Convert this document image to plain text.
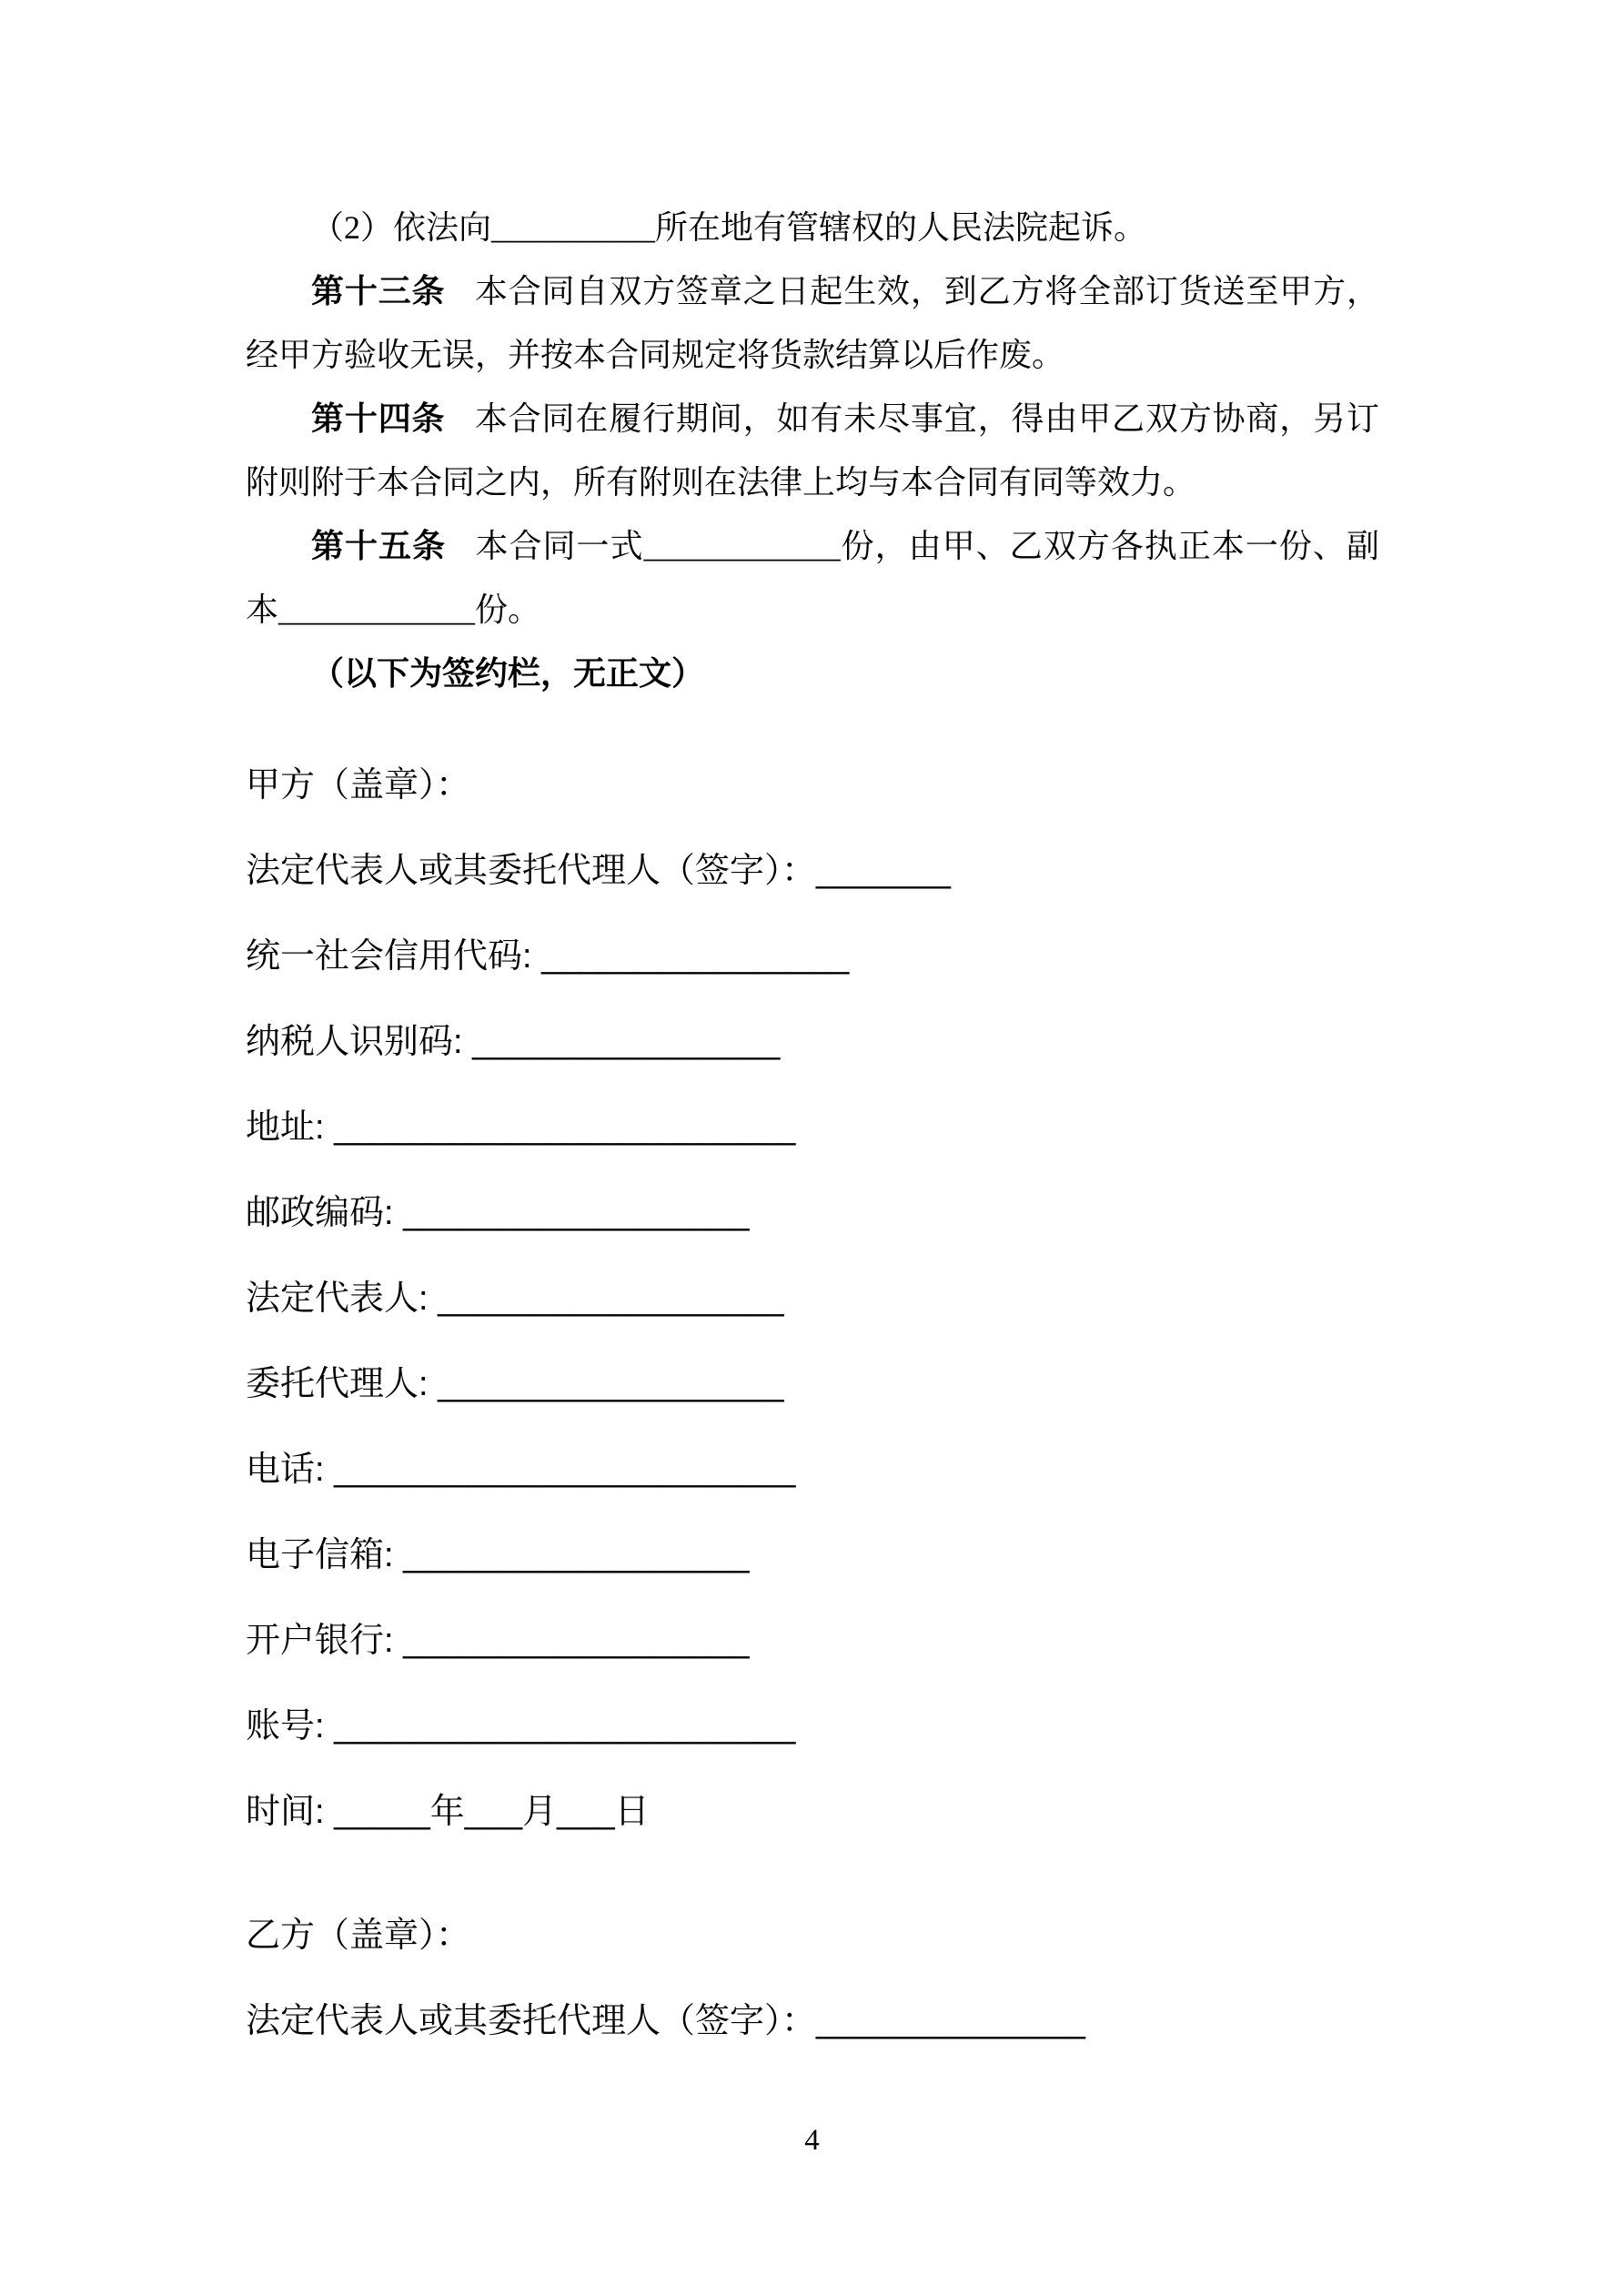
（2）依法向__________所在地有管辖权的人民法院起诉。

第十三条 本合同自双方签章之日起生效，到乙方将全部订货送至甲方，经甲方验收无误，并按本合同规定将货款结算以后作废。

第十四条 本合同在履行期间，如有未尽事宜，得由甲乙双方协商，另订附则附于本合同之内，所有附则在法律上均与本合同有同等效力。

第十五条 本合同一式____________份，由甲、乙双方各执正本一份、副本____________份。

（以下为签约栏，无正文）

甲方（盖章）：
法定代表人或其委托代理人（签字）：_______
统一社会信用代码: ________________
纳税人识别码: ________________
地址: ________________________
邮政编码: __________________
法定代表人: __________________
委托代理人: __________________
电话: ________________________
电子信箱: __________________
开户银行: __________________
账号: ________________________
时间: _____年___月___日
乙方（盖章）：
法定代表人或其委托代理人（签字）：______________
4
